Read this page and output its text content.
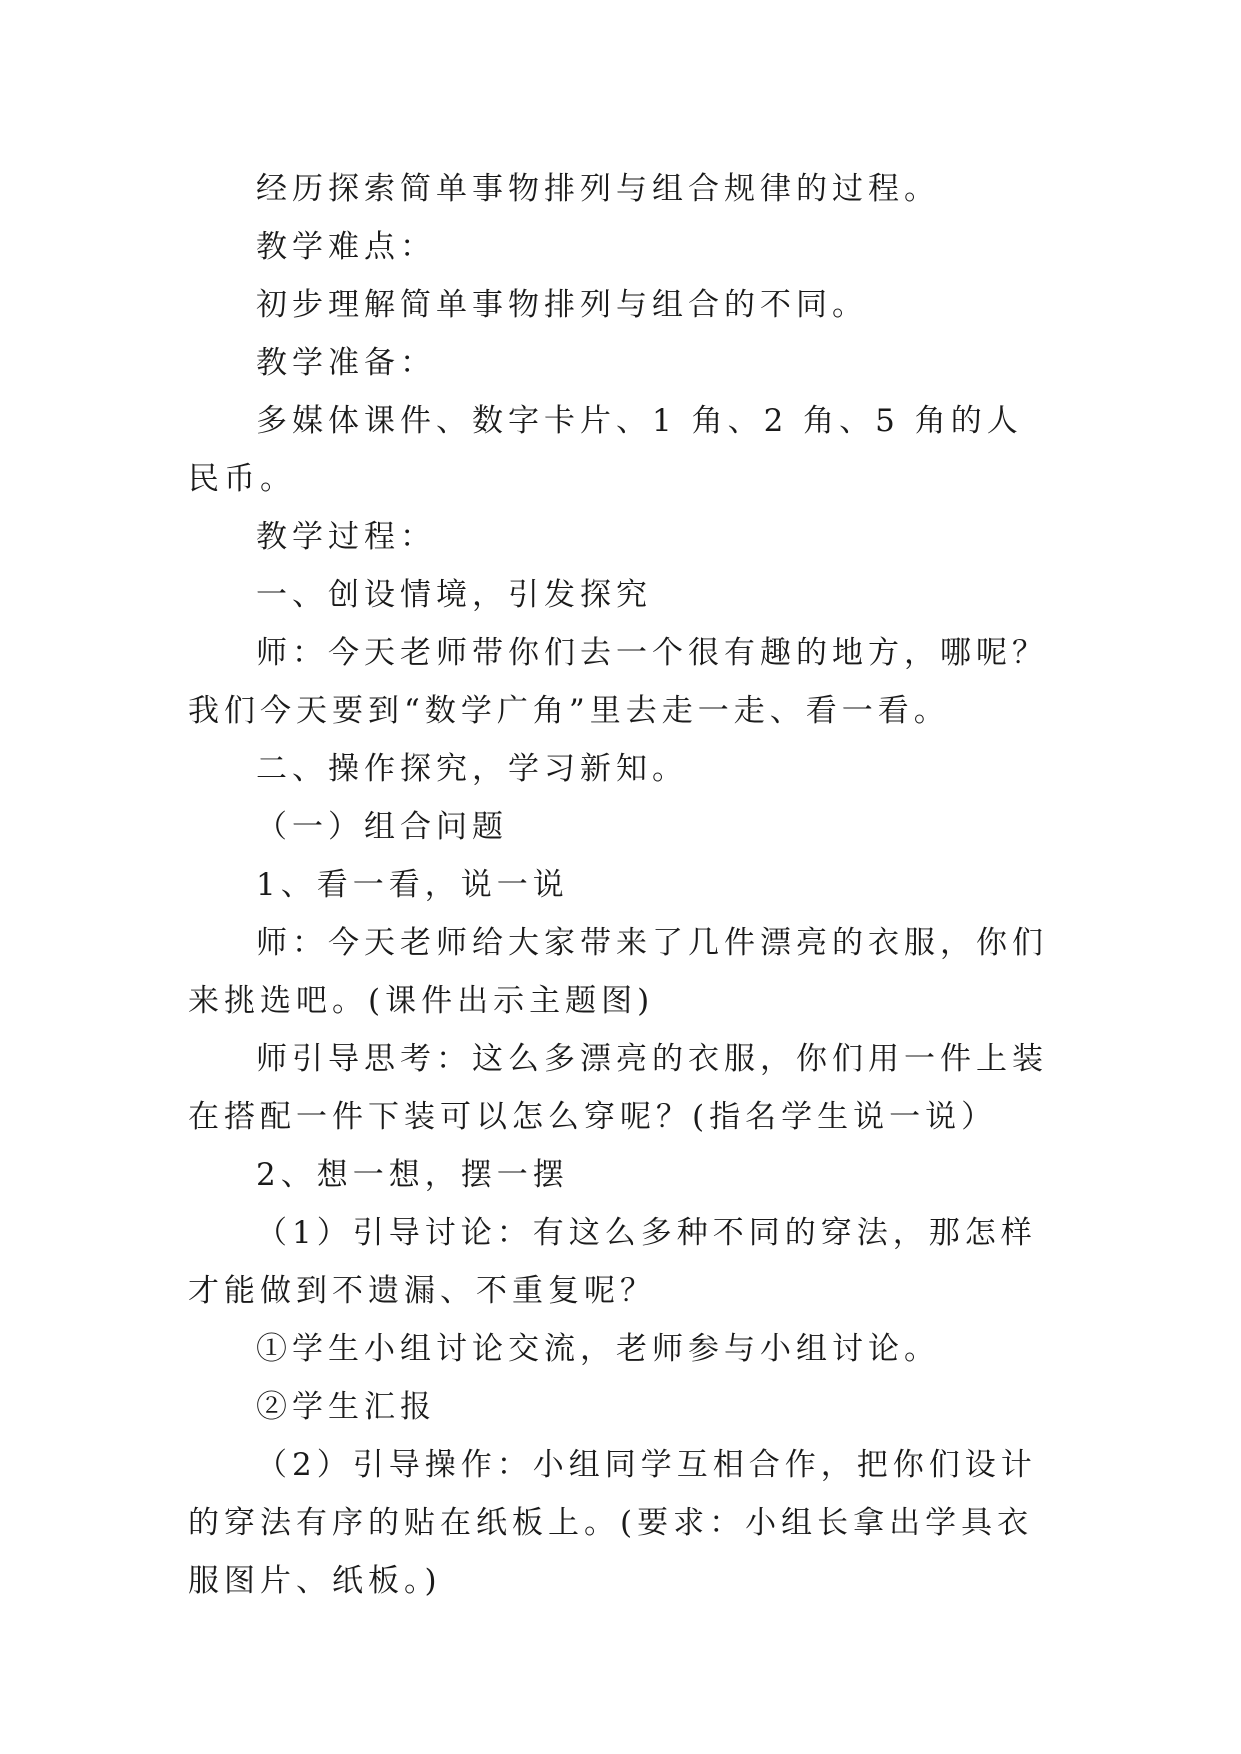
经历探索简单事物排列与组合规律的过程。

教学难点：

初步理解简单事物排列与组合的不同。

教学准备：

多媒体课件、数字卡片、1 角、2 角、5 角的人民币。

教学过程：

一、创设情境，引发探究

师：今天老师带你们去一个很有趣的地方，哪呢？我们今天要到“数学广角”里去走一走、看一看。

二、操作探究，学习新知。

（一）组合问题

1、看一看，说一说

师：今天老师给大家带来了几件漂亮的衣服，你们来挑选吧。(课件出示主题图)

师引导思考：这么多漂亮的衣服，你们用一件上装在搭配一件下装可以怎么穿呢？(指名学生说一说）

2、想一想，摆一摆

（1）引导讨论：有这么多种不同的穿法，那怎样才能做到不遗漏、不重复呢？

①学生小组讨论交流，老师参与小组讨论。

②学生汇报

（2）引导操作：小组同学互相合作，把你们设计的穿法有序的贴在纸板上。(要求：小组长拿出学具衣服图片、纸板。)
